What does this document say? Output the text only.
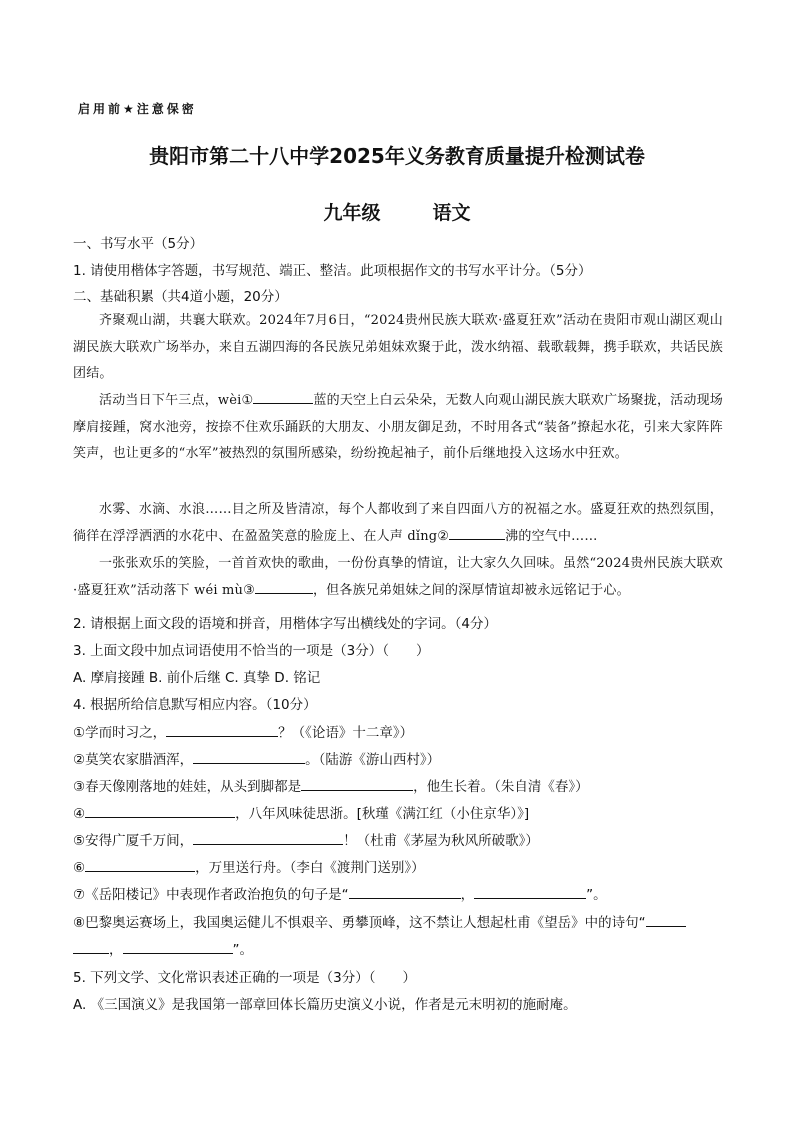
启用前★注意保密
贵阳市第二十八中学2025年义务教育质量提升检测试卷
九年级	语文
一、书写水平（5分）
1. 请使用楷体字答题，书写规范、端正、整洁。此项根据作文的书写水平计分。（5分）
二、基础积累（共4道小题，20分）
齐聚观山湖，共襄大联欢。2024年7月6日，“2024贵州民族大联欢·盛夏狂欢”活动在贵阳市观山湖区观山湖民族大联欢广场举办，来自五湖四海的各民族兄弟姐妹欢聚于此，泼水纳福、载歌载舞，携手联欢，共话民族团结。
活动当日下午三点，wèi①	蓝的天空上白云朵朵，无数人向观山湖民族大联欢广场聚拢，活动现场摩肩接踵，窝水池旁，按捺不住欢乐踊跃的大朋友、小朋友御足劲，不时用各式“装备”撩起水花，引来大家阵阵笑声，也让更多的“水军”被热烈的氛围所感染，纷纷挽起袖子，前仆后继地投入这场水中狂欢。
水雾、水滴、水浪……目之所及皆清凉，每个人都收到了来自四面八方的祝福之水。盛夏狂欢的热烈氛围，徜徉在浮浮洒洒的水花中、在盈盈笑意的脸庞上、在人声 dǐng②	沸的空气中……
一张张欢乐的笑脸，一首首欢快的歌曲，一份份真挚的情谊，让大家久久回味。虽然“2024贵州民族大联欢·盛夏狂欢”活动落下 wéi mù③	，但各族兄弟姐妹之间的深厚情谊却被永远铭记于心。
2. 请根据上面文段的语境和拼音，用楷体字写出横线处的字词。（4分）
3. 上面文段中加点词语使用不恰当的一项是（3分）（　　）
A. 摩肩接踵 B. 前仆后继 C. 真挚 D. 铭记
4. 根据所给信息默写相应内容。（10分）
①学而时习之，	？（《论语》十二章》）
②莫笑农家腊酒浑，	。（陆游《游山西村》）
③春天像刚落地的娃娃，从头到脚都是	，他生长着。（朱自清《春》）
④	，八年风味徒思浙。[秋瑾《满江红（小住京华）》]
⑤安得广厦千万间，	！（杜甫《茅屋为秋风所破歌》）
⑥	，万里送行舟。（李白《渡荆门送别》）
⑦《岳阳楼记》中表现作者政治抱负的句子是“	，	”。
⑧巴黎奥运赛场上，我国奥运健儿不惧艰辛、勇攀顶峰，这不禁让人想起杜甫《望岳》中的诗句“
，	”。
5. 下列文学、文化常识表述正确的一项是（3分）（　　）
A. 《三国演义》是我国第一部章回体长篇历史演义小说，作者是元末明初的施耐庵。
